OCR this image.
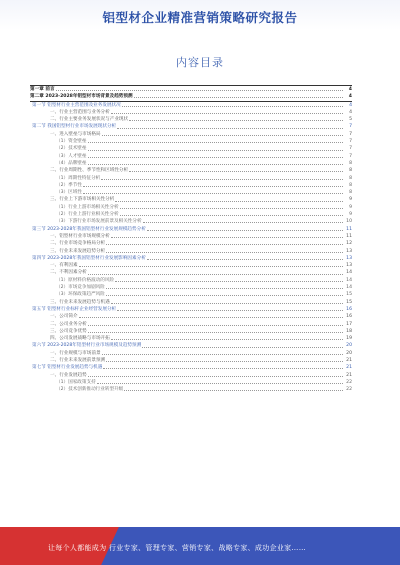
铝型材企业精准营销策略研究报告
内容目录
第一章 前言	4
第二章 2023-2028年铝型材市场背景及趋势预测	4
第一节 铝型材行业主营范围及业务发展状况	4
一、行业主营范围与业务分析	4
二、行业主要业务发展状况与产业现状	5
第二节 我国铝型材行业市场发展现状分析	7
一、进入壁垒与市场格局	7
（1）资金壁垒	7
（2）技术壁垒	7
（3）人才壁垒	7
（4）品牌壁垒	8
二、行业周期性、季节性和区域性分析	8
（1）周期性特征分析	8
（2）季节性	8
（3）区域性	8
三、行业上下游市场相关性分析	9
（1）行业上游市场相关性分析	9
（2）行业上游行业相关性分析	9
（3）下游行业市场发展前景及相关性分析	10
第三节 2023-2028年我国铝型材行业发展规模趋势分析	11
一、铝型材行业市场规模分析	11
二、行业市场竞争格局分析	12
三、行业未来发展趋势分析	13
第四节 2023-2028年我国铝型材行业发展影响因素分析	13
一、有利因素	13
二、不利因素分析	14
（1）原材料价格波动的风险	14
（2）市场竞争加剧风险	14
（3）环保政策趋严风险	15
三、行业未来发展趋势与机遇	15
第五节 铝型材行业标杆企业经营发展分析	16
一、公司简介	16
二、公司业务分析	17
三、公司竞争优势	18
四、公司发展战略与市场开拓	19
第六节 2023-2028年铝型材行业市场规模及趋势预测	20
一、行业规模与市场前景	20
二、行业未来发展前景预测	21
第七节 铝型材行业发展趋势与机遇	21
一、行业发展趋势	21
（1）国家政策支持	22
（2）技术创新推动行业转型升级	22
让每个人都能成为 行业专家、管理专家、营销专家、战略专家、成功企业家……
